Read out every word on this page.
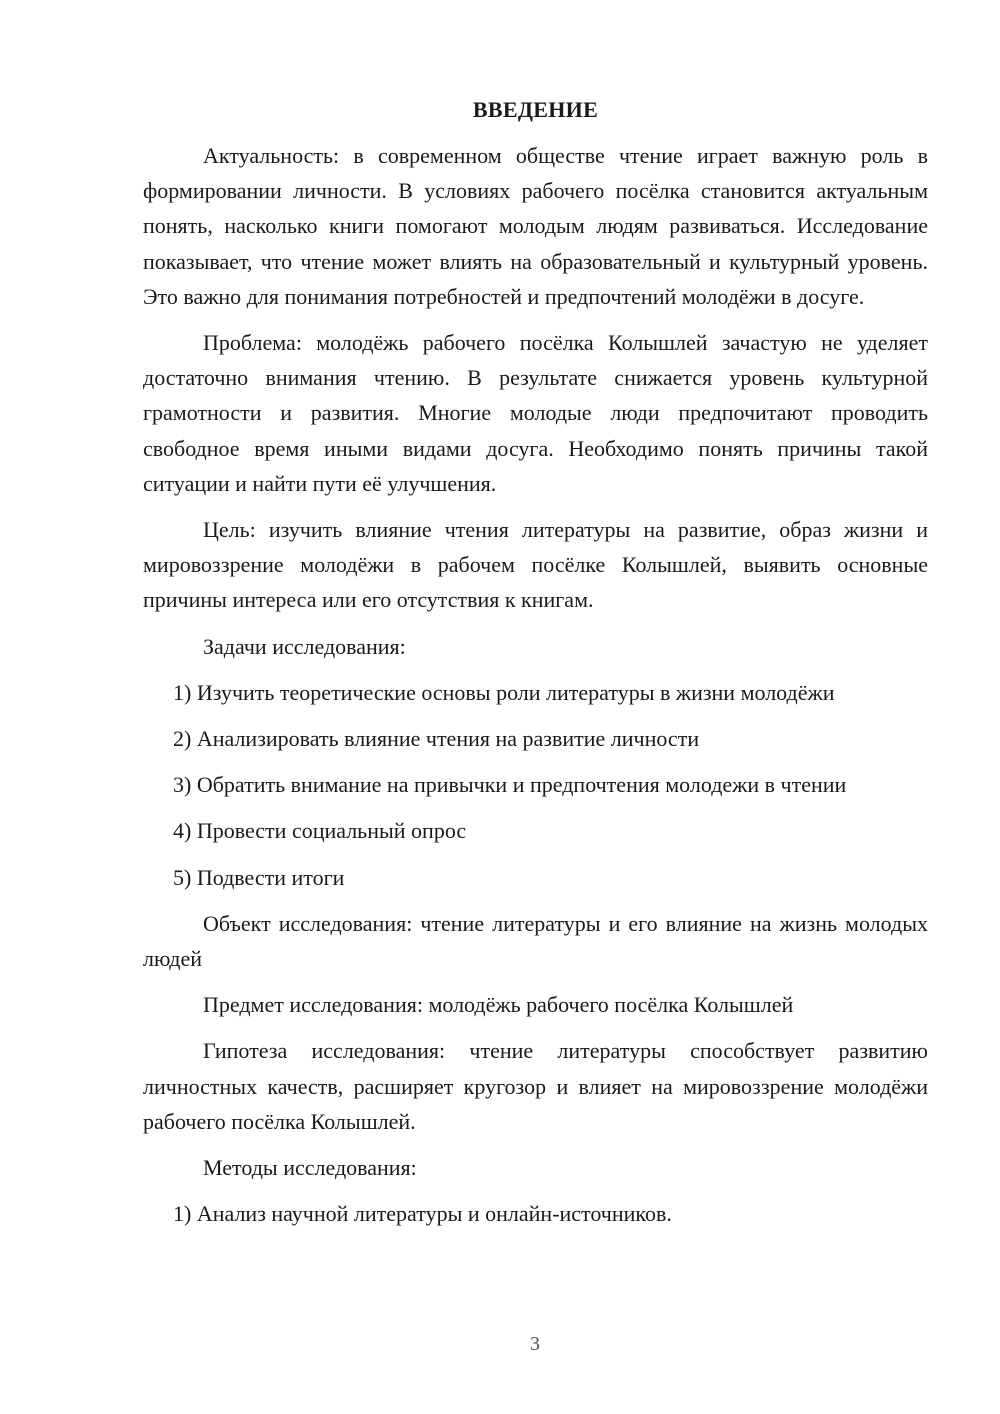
ВВЕДЕНИЕ

Актуальность: в современном обществе чтение играет важную роль в формировании личности. В условиях рабочего посёлка становится актуальным понять, насколько книги помогают молодым людям развиваться. Исследование показывает, что чтение может влиять на образовательный и культурный уровень. Это важно для понимания потребностей и предпочтений молодёжи в досуге.

Проблема: молодёжь рабочего посёлка Колышлей зачастую не уделяет достаточно внимания чтению. В результате снижается уровень культурной грамотности и развития. Многие молодые люди предпочитают проводить свободное время иными видами досуга. Необходимо понять причины такой ситуации и найти пути её улучшения.

Цель: изучить влияние чтения литературы на развитие, образ жизни и мировоззрение молодёжи в рабочем посёлке Колышлей, выявить основные причины интереса или его отсутствия к книгам.

Задачи исследования:

1) Изучить теоретические основы роли литературы в жизни молодёжи

2) Анализировать влияние чтения на развитие личности

3) Обратить внимание на привычки и предпочтения молодежи в чтении

4) Провести социальный опрос

5) Подвести итоги

Объект исследования: чтение литературы и его влияние на жизнь молодых людей

Предмет исследования: молодёжь рабочего посёлка Колышлей

Гипотеза исследования: чтение литературы способствует развитию личностных качеств, расширяет кругозор и влияет на мировоззрение молодёжи рабочего посёлка Колышлей.

Методы исследования:

1) Анализ научной литературы и онлайн-источников.

3
